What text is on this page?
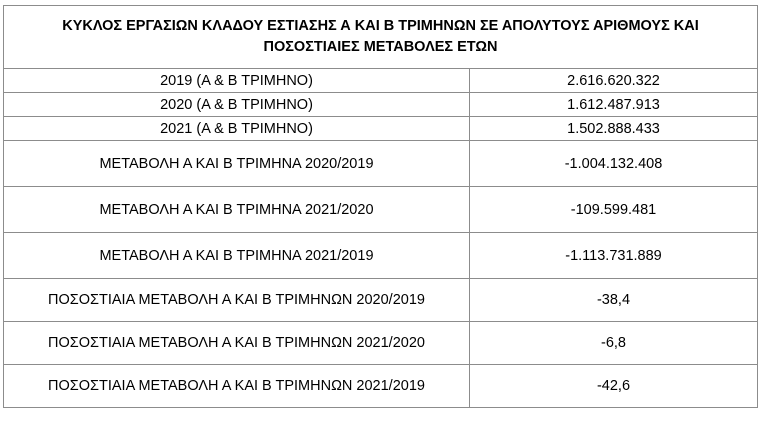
ΚΥΚΛΟΣ ΕΡΓΑΣΙΩΝ ΚΛΑΔΟΥ ΕΣΤΙΑΣΗΣ Α ΚΑΙ Β ΤΡΙΜΗΝΩΝ ΣΕ ΑΠΟΛΥΤΟΥΣ ΑΡΙΘΜΟΥΣ ΚΑΙ
ΠΟΣΟΣΤΙΑΙΕΣ ΜΕΤΑΒΟΛΕΣ ΕΤΩΝ	

2019 (Α & Β ΤΡΙΜΗΝΟ)	2.616.620.322
2020 (Α & Β ΤΡΙΜΗΝΟ)	1.612.487.913
2021 (Α & Β ΤΡΙΜΗΝΟ)	1.502.888.433
ΜΕΤΑΒΟΛΗ Α ΚΑΙ Β ΤΡΙΜΗΝΑ 2020/2019	-1.004.132.408
ΜΕΤΑΒΟΛΗ Α ΚΑΙ Β ΤΡΙΜΗΝΑ 2021/2020	-109.599.481
ΜΕΤΑΒΟΛΗ Α ΚΑΙ Β ΤΡΙΜΗΝΑ 2021/2019	-1.113.731.889
ΠΟΣΟΣΤΙΑΙΑ ΜΕΤΑΒΟΛΗ Α ΚΑΙ Β ΤΡΙΜΗΝΩΝ 2020/2019	-38,4
ΠΟΣΟΣΤΙΑΙΑ ΜΕΤΑΒΟΛΗ Α ΚΑΙ Β ΤΡΙΜΗΝΩΝ 2021/2020	-6,8
ΠΟΣΟΣΤΙΑΙΑ ΜΕΤΑΒΟΛΗ Α ΚΑΙ Β ΤΡΙΜΗΝΩΝ 2021/2019	-42,6
